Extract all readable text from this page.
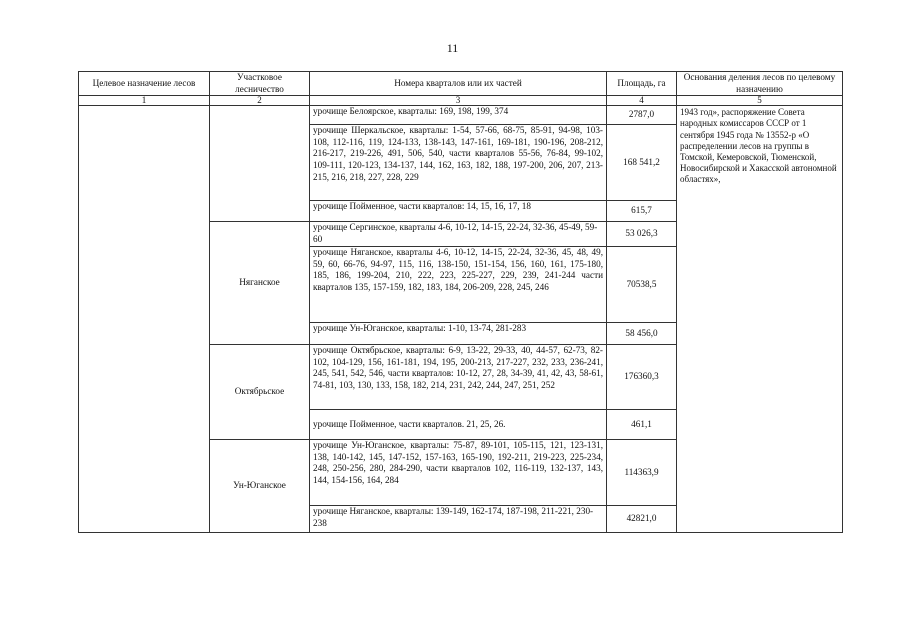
11
Целевое назначение лесов	Участковое лесничество	Номера кварталов или их частей	Площадь, га	Основания деления лесов по целевому назначению
1	2	3	4	5
		урочище Белоярское, кварталы: 169, 198, 199, 374	2787,0	1943 год», распоряжение Совета народных комиссаров СССР от 1 сентября 1945 года № 13552-р «О распределении лесов на группы в Томской, Кемеровской, Тюменской, Новосибирской и Хакасской автономной областях»,
		урочище Шеркальское, кварталы: 1-54, 57-66, 68-75, 85-91, 94-98, 103-108, 112-116, 119, 124-133, 138-143, 147-161, 169-181, 190-196, 208-212, 216-217, 219-226, 491, 506, 540, части кварталов 55-56, 76-84, 99-102, 109-111, 120-123, 134-137, 144, 162, 163, 182, 188, 197-200, 206, 207, 213-215, 216, 218, 227, 228, 229	168 541,2	
		урочище Пойменное, части кварталов: 14, 15, 16, 17, 18	615,7	
	Няганское	урочище Сергинское, кварталы 4-6, 10-12, 14-15, 22-24, 32-36, 45-49, 59-60	53 026,3	
		урочище Няганское, кварталы 4-6, 10-12, 14-15, 22-24, 32-36, 45, 48, 49, 59, 60, 66-76, 94-97, 115, 116, 138-150, 151-154, 156, 160, 161, 175-180, 185, 186, 199-204, 210, 222, 223, 225-227, 229, 239, 241-244 части кварталов 135, 157-159, 182, 183, 184, 206-209, 228, 245, 246	70538,5	
		урочище Ун-Юганское, кварталы: 1-10, 13-74, 281-283	58 456,0	
	Октябрьское	урочище Октябрьское, кварталы: 6-9, 13-22, 29-33, 40, 44-57, 62-73, 82-102, 104-129, 156, 161-181, 194, 195, 200-213, 217-227, 232, 233, 236-241, 245, 541, 542, 546, части кварталов: 10-12, 27, 28, 34-39, 41, 42, 43, 58-61, 74-81, 103, 130, 133, 158, 182, 214, 231, 242, 244, 247, 251, 252	176360,3	
		урочище Пойменное, части кварталов. 21, 25, 26.	461,1	
	Ун-Юганское	урочище Ун-Юганское, кварталы: 75-87, 89-101, 105-115, 121, 123-131, 138, 140-142, 145, 147-152, 157-163, 165-190, 192-211, 219-223, 225-234, 248, 250-256, 280, 284-290, части кварталов 102, 116-119, 132-137, 143, 144, 154-156, 164, 284	114363,9	
		урочище Няганское, кварталы: 139-149, 162-174, 187-198, 211-221, 230-238	42821,0	
